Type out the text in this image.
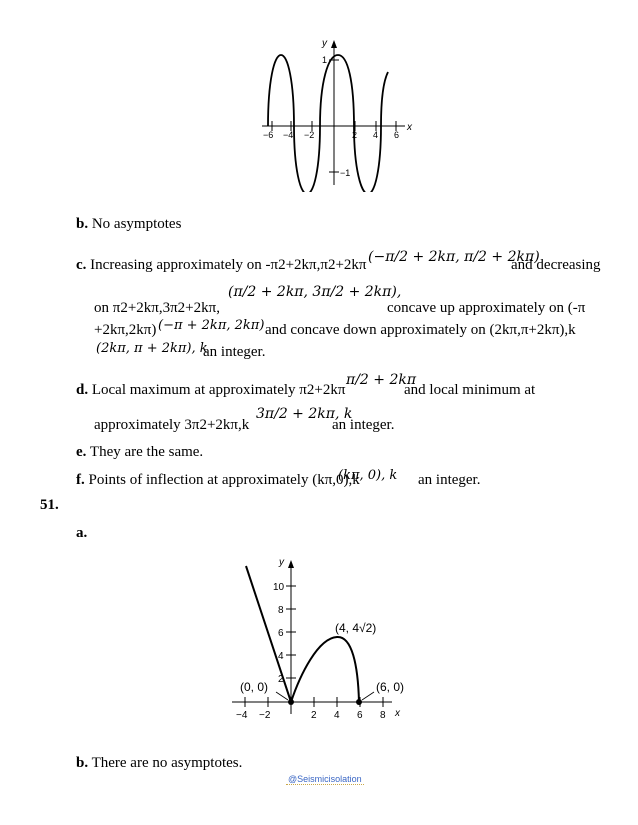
y
x
1
−1
−6 −4 −2	2 4 6
b. No asymptotes
c. Increasing approximately on -π2+2kπ,π2+2kπ (−π/2 + 2kπ, π/2 + 2kπ)
and decreasing
on π2+2kπ,3π2+2kπ,
(π/2 + 2kπ, 3π/2 + 2kπ),
concave up approximately on (-π
+2kπ,2kπ) (−π + 2kπ, 2kπ) and concave down approximately on (2kπ,π+2kπ),k
(2kπ, π + 2kπ), k
an integer.
d. Local maximum at approximately π2+2kπ
π/2 + 2kπ
and local minimum at
approximately 3π2+2kπ,k
3π/2 + 2kπ, k
an integer.
e. They are the same.
f. Points of inflection at approximately (kπ,0),k
(kπ, 0), k an integer.
51.
a.
y
x
10
8
6
4
2
−4 −2	2 4 6 8
(4, 4√2)
(0, 0)	(6, 0)
b. There are no asymptotes.
@Seismicisolation
